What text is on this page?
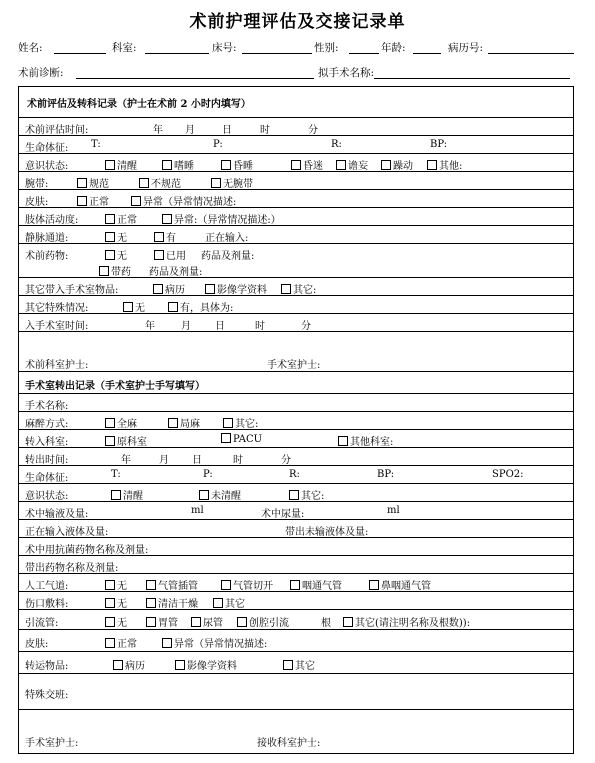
术前护理评估及交接记录单
姓名:	科室:	床号:	性别:	年龄:	病历号:
术前诊断:	拟手术名称:
术前评估及转科记录（护士在术前 2 小时内填写）
术前评估时间:	年 月	日	时	分
生命体征: T:	P:	R:	BP:
意识状态:	清醒	嗜睡	昏睡	昏迷	谵妄	躁动	其他:
腕带:	规范	不规范	无腕带
皮肤:	正常	异常（异常情况描述:
肢体活动度:	正常	异常:（异常情况描述:）
静脉通道:	无	有	正在输入:
术前药物:	无	已用 药品及剂量:
带药 药品及剂量:
其它带入手术室物品:	病历	影像学资料	其它:
其它特殊情况:	无	有，具体为:
入手术室时间:	年	月 日	时	分
术前科室护士:	手术室护士:
手术室转出记录（手术室护士手写填写）
手术名称:
麻醉方式:	全麻	局麻	其它:
转入科室:	原科室	PACU	其他科室:
转出时间:	年	月 日	时	分
生命体征:	T:	P:	R:	BP:	SPO2:
意识状态:	清醒	未清醒	其它:
术中输液及量:	ml	术中尿量:	ml
正在输入液体及量:	带出未输液体及量:
术中用抗菌药物名称及剂量:
带出药物名称及剂量:
人工气道:	无	气管插管	气管切开	咽通气管	鼻咽通气管
伤口敷料:	无	清洁干燥	其它
引流管:	无	胃管	尿管	创腔引流	根	其它(请注明名称及根数)):
皮肤:	正常	异常（异常情况描述:
转运物品:	病历	影像学资料	其它
特殊交班:
手术室护士:	接收科室护士:
